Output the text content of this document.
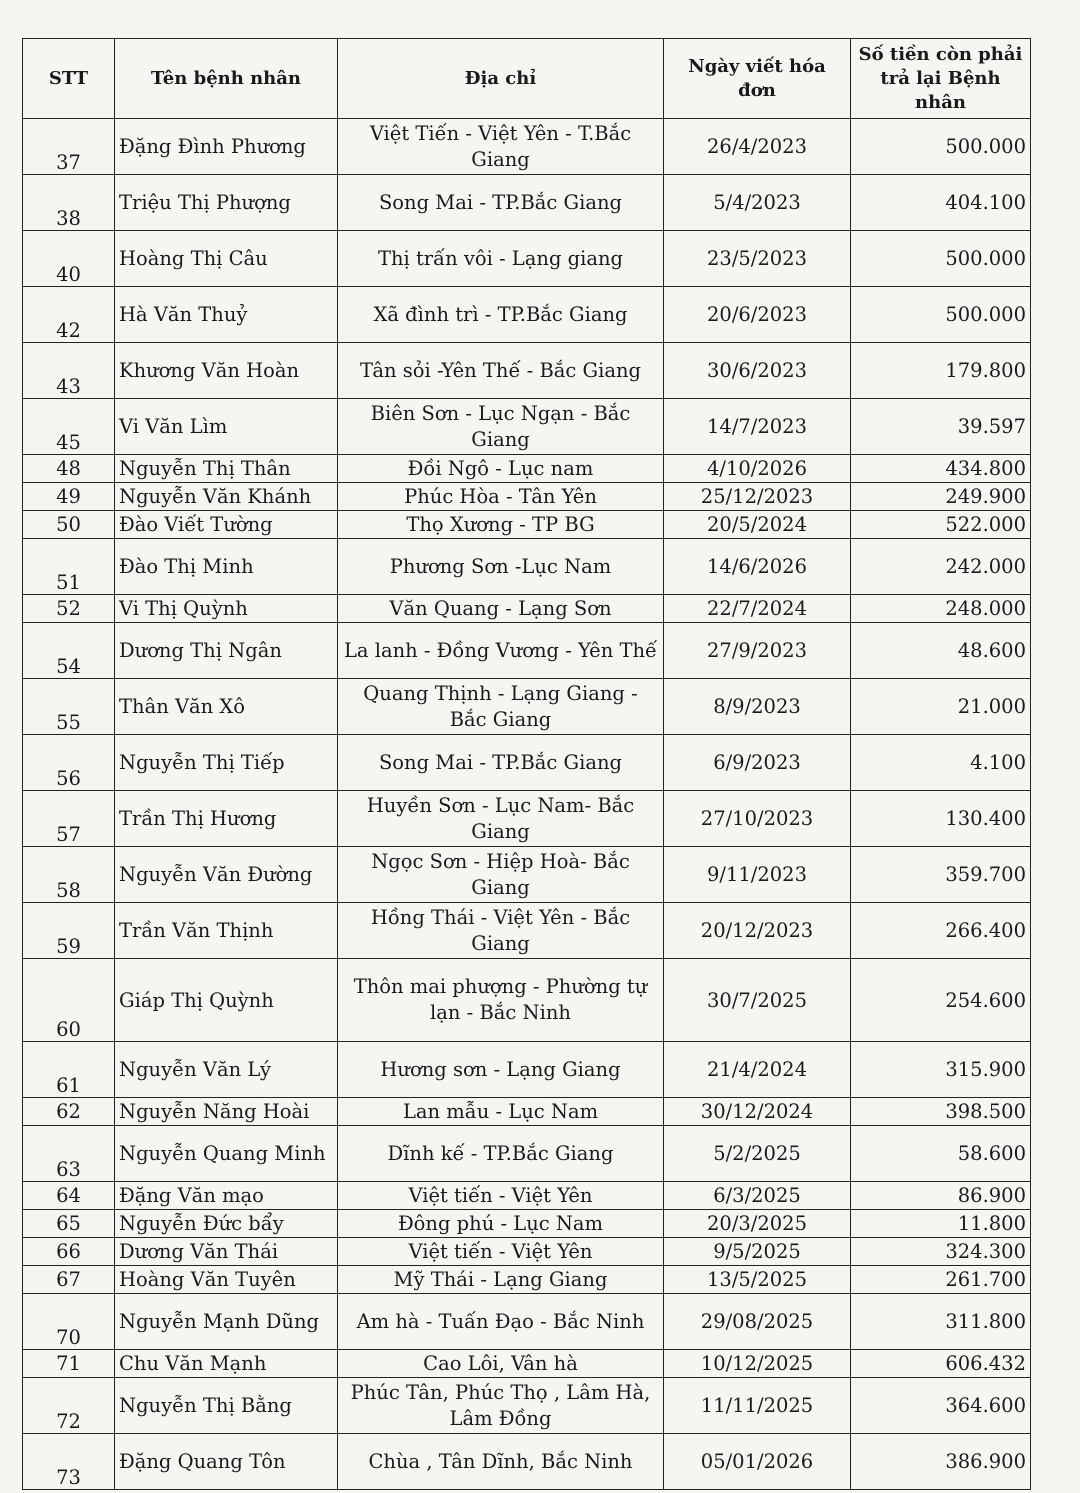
STT	Tên bệnh nhân	Địa chỉ	Ngày viết hóa đơn	Số tiền còn phải trả lại Bệnh nhân
37	Đặng Đình Phương	Việt Tiến - Việt Yên - T.Bắc Giang	26/4/2023	500.000
38	Triệu Thị Phượng	Song Mai - TP.Bắc Giang	5/4/2023	404.100
40	Hoàng Thị Câu	Thị trấn vôi - Lạng giang	23/5/2023	500.000
42	Hà Văn Thuỷ	Xã đình trì - TP.Bắc Giang	20/6/2023	500.000
43	Khương Văn Hoàn	Tân sỏi -Yên Thế - Bắc Giang	30/6/2023	179.800
45	Vi Văn Lìm	Biên Sơn - Lục Ngạn - Bắc Giang	14/7/2023	39.597
48	Nguyễn Thị Thân	Đồi Ngô - Lục nam	4/10/2026	434.800
49	Nguyễn Văn Khánh	Phúc Hòa - Tân Yên	25/12/2023	249.900
50	Đào Viết Tường	Thọ Xương - TP BG	20/5/2024	522.000
51	Đào Thị Minh	Phương Sơn -Lục Nam	14/6/2026	242.000
52	Vi Thị Quỳnh	Văn Quang - Lạng Sơn	22/7/2024	248.000
54	Dương Thị Ngân	La lanh - Đồng Vương - Yên Thế	27/9/2023	48.600
55	Thân Văn Xô	Quang Thịnh - Lạng Giang - Bắc Giang	8/9/2023	21.000
56	Nguyễn Thị Tiếp	Song Mai - TP.Bắc Giang	6/9/2023	4.100
57	Trần Thị Hương	Huyền Sơn - Lục Nam- Bắc Giang	27/10/2023	130.400
58	Nguyễn Văn Đường	Ngọc Sơn - Hiệp Hoà- Bắc Giang	9/11/2023	359.700
59	Trần Văn Thịnh	Hồng Thái - Việt Yên - Bắc Giang	20/12/2023	266.400
60	Giáp Thị Quỳnh	Thôn mai phượng - Phường tự lạn - Bắc Ninh	30/7/2025	254.600
61	Nguyễn Văn Lý	Hương sơn - Lạng Giang	21/4/2024	315.900
62	Nguyễn Năng Hoài	Lan mẫu - Lục Nam	30/12/2024	398.500
63	Nguyễn Quang Minh	Dĩnh kế - TP.Bắc Giang	5/2/2025	58.600
64	Đặng Văn mạo	Việt tiến - Việt Yên	6/3/2025	86.900
65	Nguyễn Đức bẩy	Đông phú - Lục Nam	20/3/2025	11.800
66	Dương Văn Thái	Việt tiến - Việt Yên	9/5/2025	324.300
67	Hoàng Văn Tuyên	Mỹ Thái - Lạng Giang	13/5/2025	261.700
70	Nguyễn Mạnh Dũng	Am hà - Tuấn Đạo - Bắc Ninh	29/08/2025	311.800
71	Chu Văn Mạnh	Cao Lôi, Vân hà	10/12/2025	606.432
72	Nguyễn Thị Bằng	Phúc Tân, Phúc Thọ , Lâm Hà, Lâm Đồng	11/11/2025	364.600
73	Đặng Quang Tôn	Chùa , Tân Dĩnh, Bắc Ninh	05/01/2026	386.900
